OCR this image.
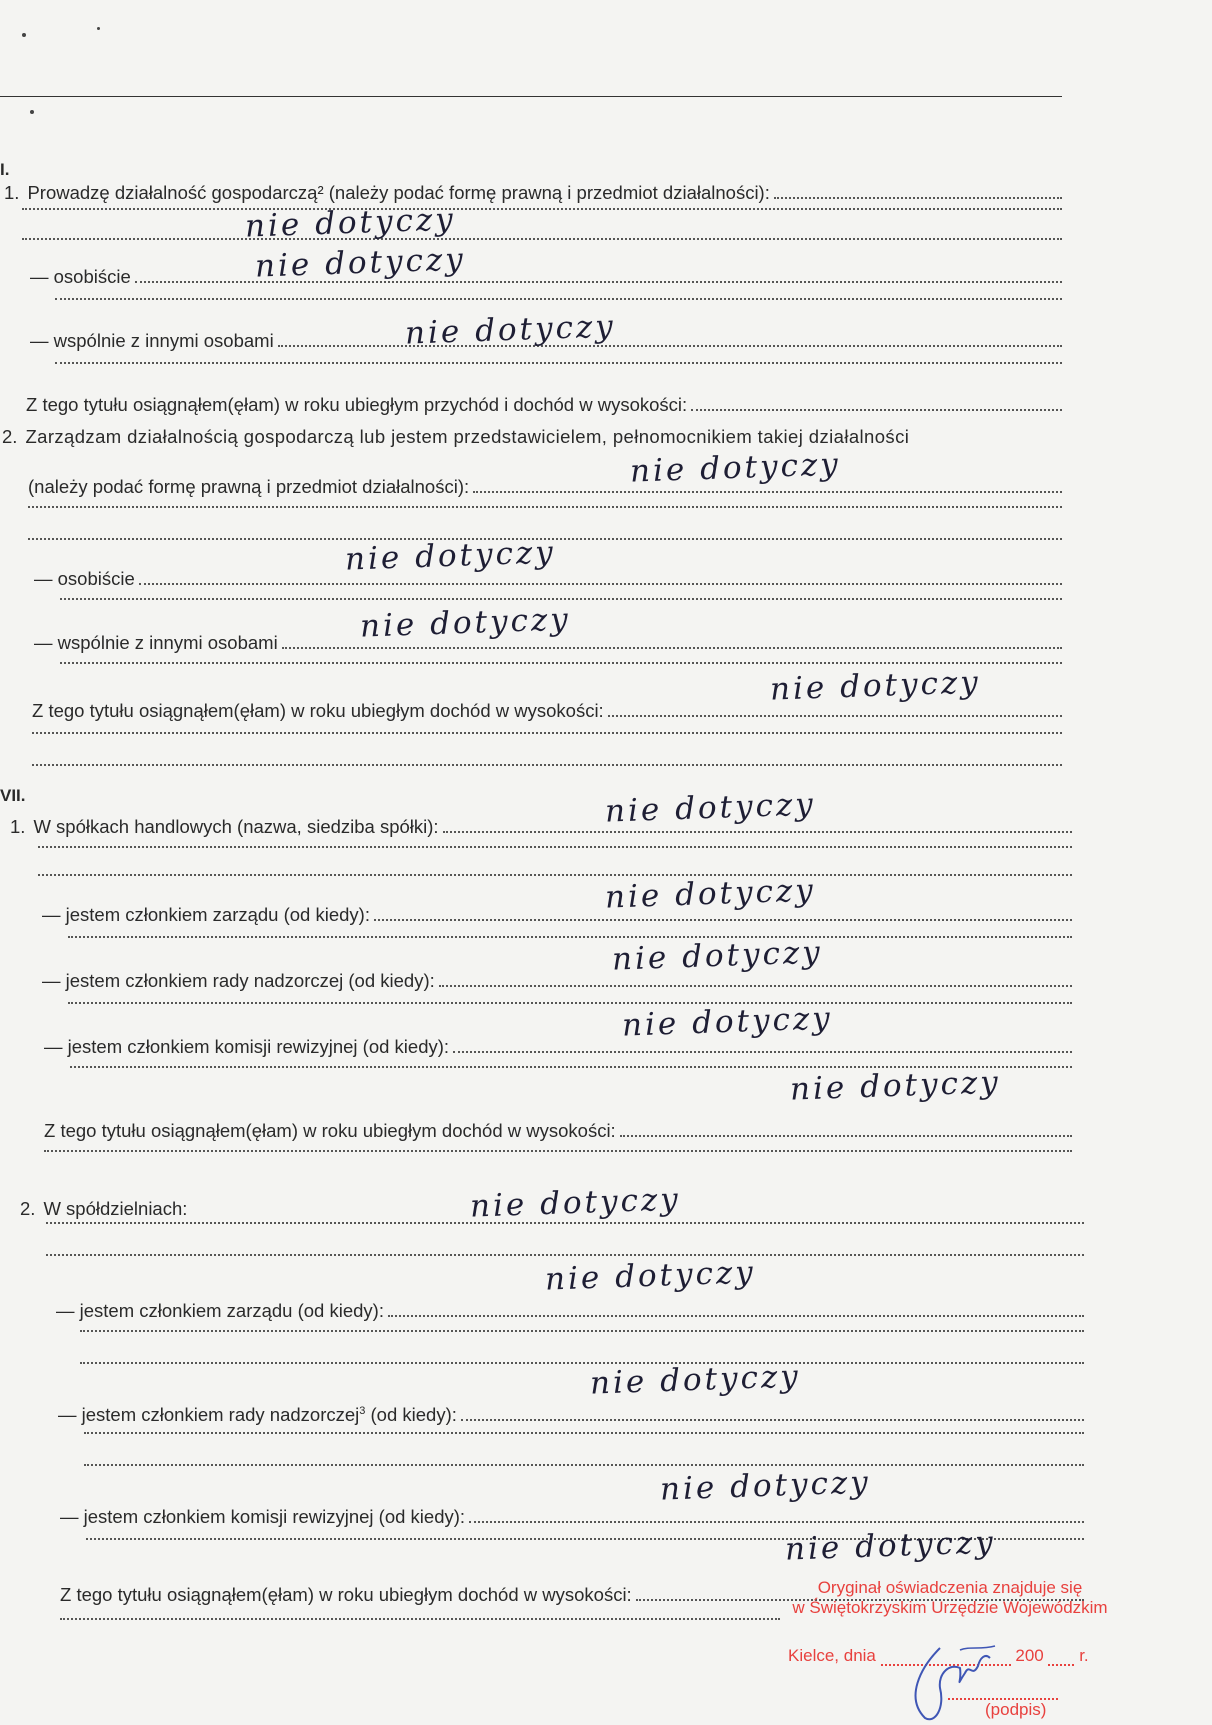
I.
1. Prowadzę działalność gospodarczą² (należy podać formę prawną i przedmiot działalności):
nie dotyczy
— osobiście	nie dotyczy
— wspólnie z innymi osobami	nie dotyczy
Z tego tytułu osiągnąłem(ęłam) w roku ubiegłym przychód i dochód w wysokości:
2. Zarządzam działalnością gospodarczą lub jestem przedstawicielem, pełnomocnikiem takiej działalności
(należy podać formę prawną i przedmiot działalności):	nie dotyczy
— osobiście
nie dotyczy
— wspólnie z innymi osobami	nie dotyczy
Z tego tytułu osiągnąłem(ęłam) w roku ubiegłym dochód w wysokości:
nie dotyczy
VII.
1. W spółkach handlowych (nazwa, siedziba spółki):	nie dotyczy
— jestem członkiem zarządu (od kiedy):	nie dotyczy
— jestem członkiem rady nadzorczej (od kiedy):
nie dotyczy
— jestem członkiem komisji rewizyjnej (od kiedy):
nie dotyczy
Z tego tytułu osiągnąłem(ęłam) w roku ubiegłym dochód w wysokości:
nie dotyczy
2. W spółdzielniach:	nie dotyczy
— jestem członkiem zarządu (od kiedy):
nie dotyczy
— jestem członkiem rady nadzorczej$^3$ (od kiedy):
nie dotyczy
— jestem członkiem komisji rewizyjnej (od kiedy):
nie dotyczy
Z tego tytułu osiągnąłem(ęłam) w roku ubiegłym dochód w wysokości:
nie dotyczy
Oryginał oświadczenia znajduje się
w Świętokrzyskim Urzędzie Wojewódzkim
Kielce, dnia	200 r.
(podpis)
